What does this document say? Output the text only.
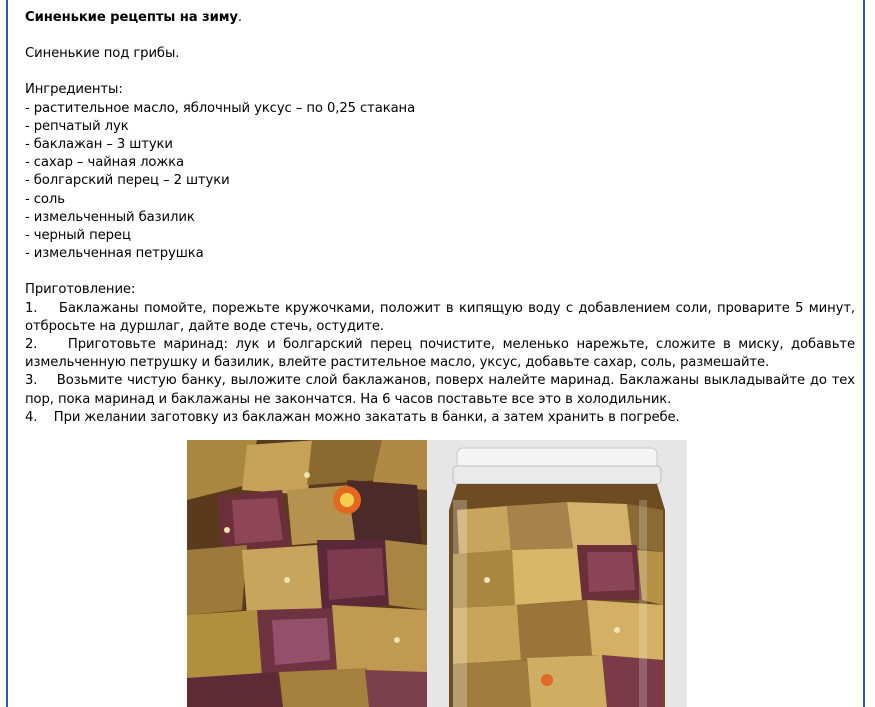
Синенькие рецепты на зиму.

Синенькие под грибы.

Ингредиенты:

- растительное масло, яблочный уксус – по 0,25 стакана

- репчатый лук

- баклажан – 3 штуки

- сахар – чайная ложка

- болгарский перец – 2 штуки

- соль

- измельченный базилик

- черный перец

- измельченная петрушка

Приготовление:

1.    Баклажаны помойте, порежьте кружочками, положит в кипящую воду с добавлением соли, проварите 5 минут, отбросьте на дуршлаг, дайте воде стечь, остудите.

2.    Приготовьте маринад: лук и болгарский перец почистите, меленько нарежьте, сложите в миску, добавьте измельченную петрушку и базилик, влейте растительное масло, уксус, добавьте сахар, соль, размешайте.

3.    Возьмите чистую банку, выложите слой баклажанов, поверх налейте маринад. Баклажаны выкладывайте до тех пор, пока маринад и баклажаны не закончатся. На 6 часов поставьте все это в холодильник.

4.    При желании заготовку из баклажан можно закатать в банки, а затем хранить в погребе.
